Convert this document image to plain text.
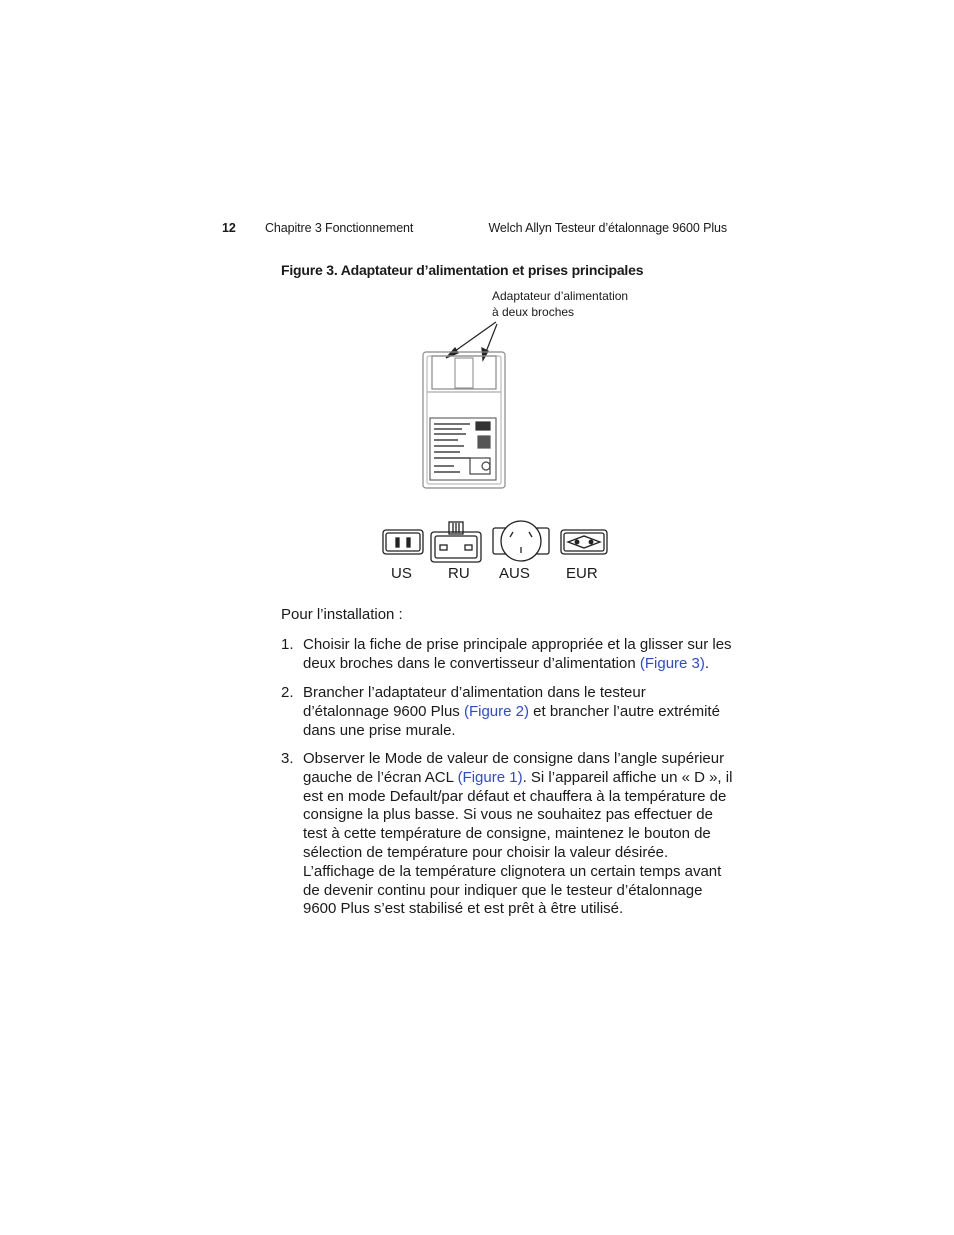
12 Chapitre 3 Fonctionnement	Welch Allyn Testeur d’étalonnage 9600 Plus
Figure 3. Adaptateur d’alimentation et prises principales
Adaptateur d’alimentation
à deux broches
US RU AUS EUR
Pour l’installation :
1. Choisir la fiche de prise principale appropriée et la glisser sur les deux broches dans le convertisseur d’alimentation (Figure 3).
2. Brancher l’adaptateur d’alimentation dans le testeur d’étalonnage 9600 Plus (Figure 2) et brancher l’autre extrémité dans une prise murale.
3. Observer le Mode de valeur de consigne dans l’angle supérieur gauche de l’écran ACL (Figure 1). Si l’appareil affiche un « D », il est en mode Default/par défaut et chauffera à la température de consigne la plus basse. Si vous ne souhaitez pas effectuer de test à cette température de consigne, maintenez le bouton de sélection de température pour choisir la valeur désirée. L’affichage de la température clignotera un certain temps avant de devenir continu pour indiquer que le testeur d’étalonnage 9600 Plus s’est stabilisé et est prêt à être utilisé.
